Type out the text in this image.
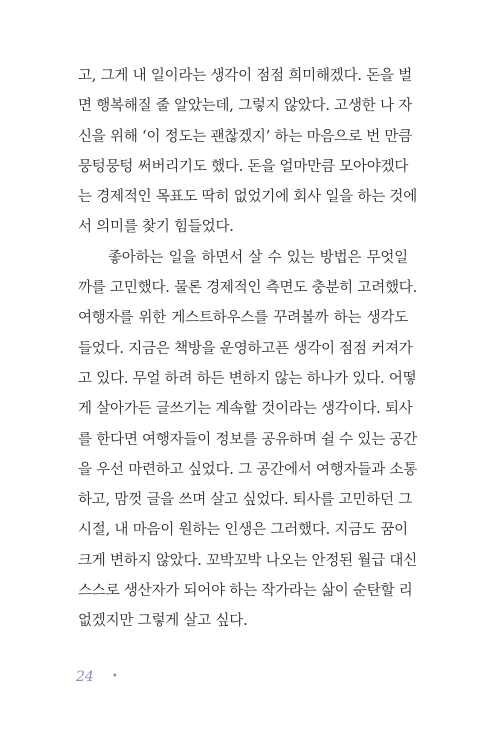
고, 그게 내 일이라는 생각이 점점 희미해겠다. 돈을 벌
면 행복해질 줄 알았는데, 그렇지 않았다. 고생한 나 자
신을 위해 ‘이 정도는 괜찮겠지’ 하는 마음으로 번 만큼
뭉텅뭉텅 써버리기도 했다. 돈을 얼마만큼 모아야겠다
는 경제적인 목표도 딱히 없었기에 회사 일을 하는 것에
서 의미를 찾기 힘들었다.
좋아하는 일을 하면서 살 수 있는 방법은 무엇일
까를 고민했다. 물론 경제적인 측면도 충분히 고려했다.
여행자를 위한 게스트하우스를 꾸려볼까 하는 생각도
들었다. 지금은 책방을 운영하고픈 생각이 점점 커져가
고 있다. 무얼 하려 하든 변하지 않는 하나가 있다. 어떻
게 살아가든 글쓰기는 계속할 것이라는 생각이다. 퇴사
를 한다면 여행자들이 정보를 공유하며 쉴 수 있는 공간
을 우선 마련하고 싶었다. 그 공간에서 여행자들과 소통
하고, 맘껏 글을 쓰며 살고 싶었다. 퇴사를 고민하던 그
시절, 내 마음이 원하는 인생은 그러했다. 지금도 꿈이
크게 변하지 않았다. 꼬박꼬박 나오는 안정된 월급 대신
스스로 생산자가 되어야 하는 작가라는 삶이 순탄할 리
없겠지만 그렇게 살고 싶다.
24 •
